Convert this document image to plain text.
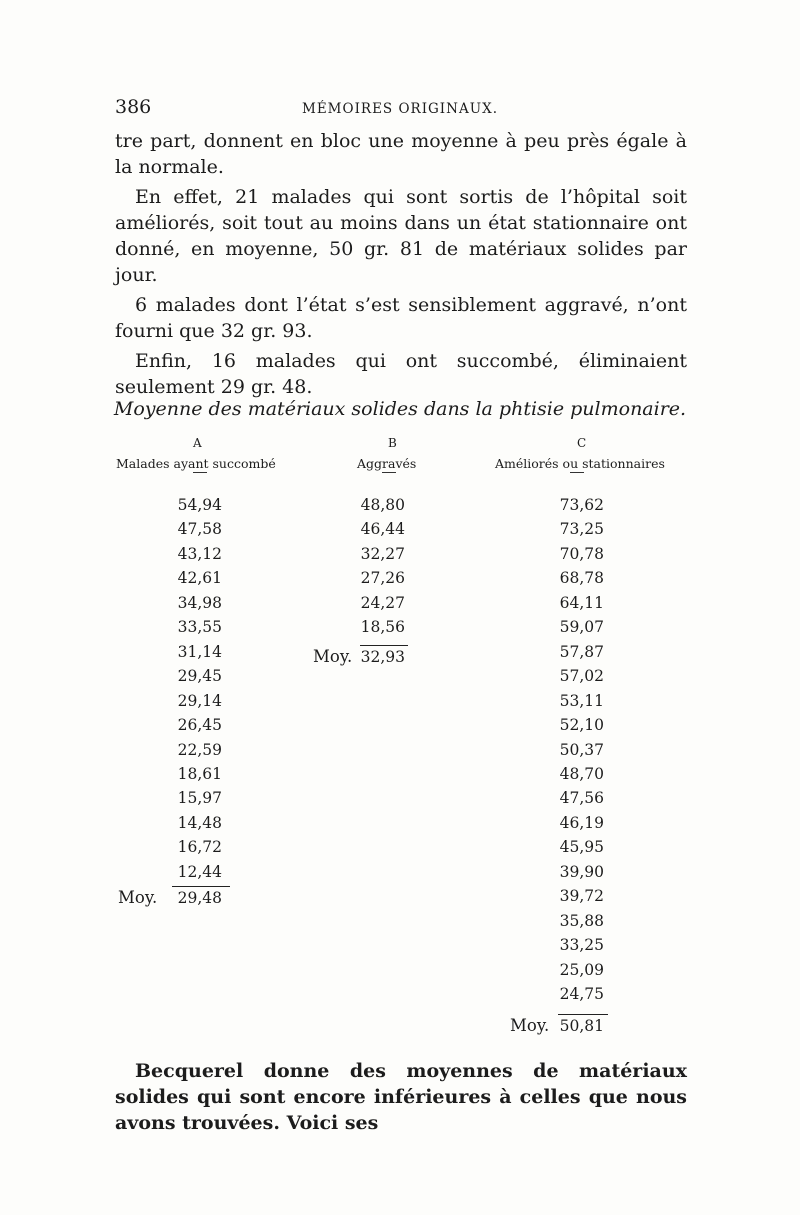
386	MÉMOIRES ORIGINAUX.

tre part, donnent en bloc une moyenne à peu près égale à la normale.

En effet, 21 malades qui sont sortis de l’hôpital soit améliorés, soit tout au moins dans un état stationnaire ont donné, en moyenne, 50 gr. 81 de matériaux solides par jour.

6 malades dont l’état s’est sensiblement aggravé, n’ont fourni que 32 gr. 93.

Enfin, 16 malades qui ont succombé, éliminaient seulement 29 gr. 48.

Moyenne des matériaux solides dans la phtisie pulmonaire.
A
Malades ayant succombé
54,94
47,58
43,12
42,61
34,98
33,55
31,14
29,45
29,14
26,45
22,59
18,61
15,97
14,48
16,72
12,44
Moy.	29,48
B
Aggravés
48,80
46,44
32,27
27,26
24,27
18,56
Moy. 32,93
C
Améliorés ou stationnaires
73,62
73,25
70,78
68,78
64,11
59,07
57,87
57,02
53,11
52,10
50,37
48,70
47,56
46,19
45,95
39,90
39,72
35,88
33,25
25,09
24,75
Moy. 50,81

Becquerel donne des moyennes de matériaux solides qui sont encore inférieures à celles que nous avons trouvées. Voici ses
